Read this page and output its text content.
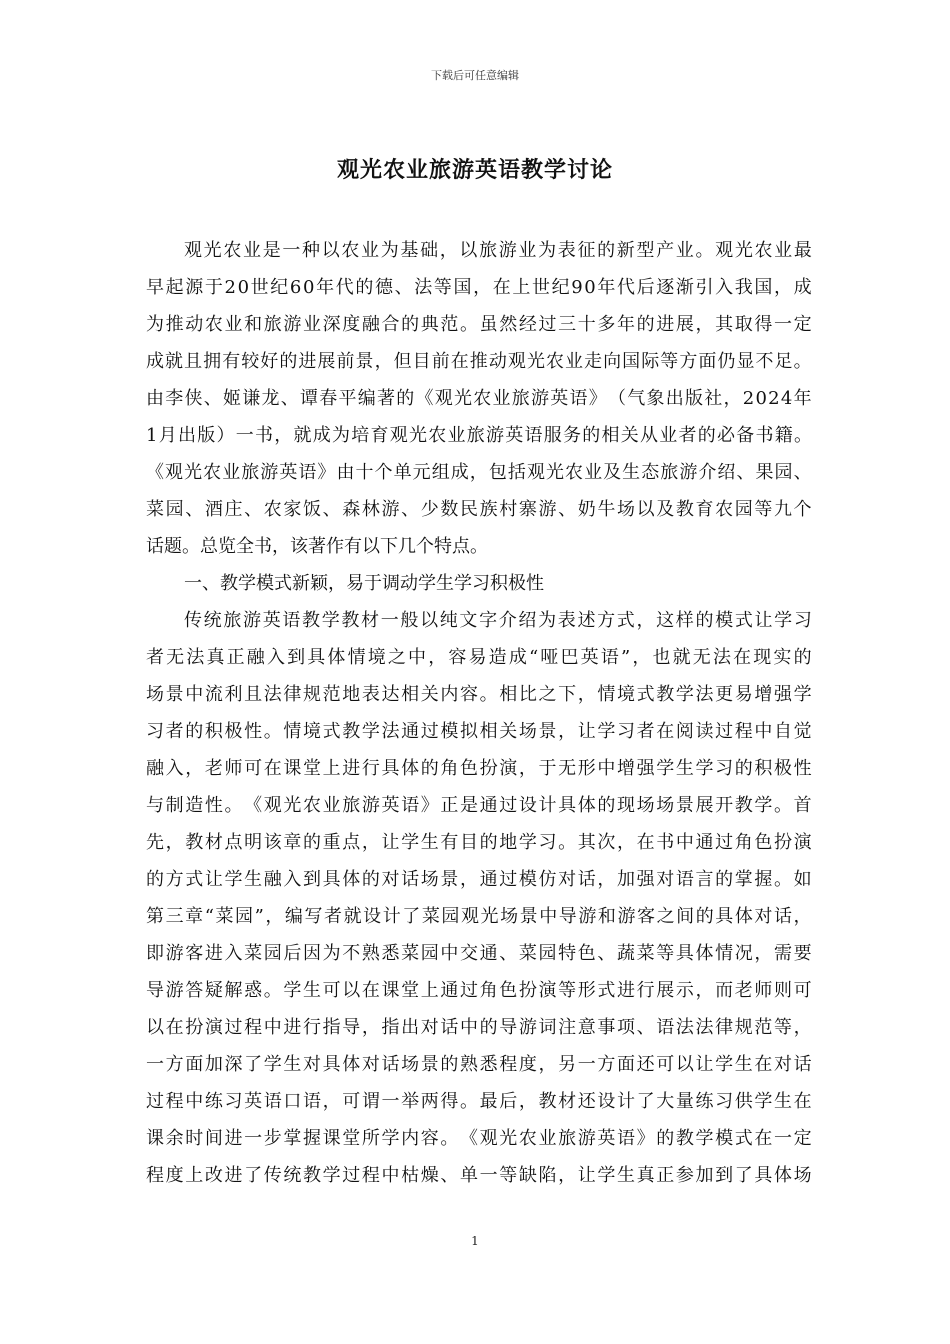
下载后可任意编辑
观光农业旅游英语教学讨论
观 光 农 业 是 一 种 以 农 业 为 基 础 ， 以 旅 游 业 为 表 征 的 新 型 产 业 。 观 光 农 业 最
早 起 源 于 2 0 世 纪 6 0 年 代 的 德 、 法 等 国 ， 在 上 世 纪 9 0 年 代 后 逐 渐 引 入 我 国 ， 成
为 推 动 农 业 和 旅 游 业 深 度 融 合 的 典 范 。 虽 然 经 过 三 十 多 年 的 进 展 ， 其 取 得 一 定
成 就 且 拥 有 较 好 的 进 展 前 景 ， 但 目 前 在 推 动 观 光 农 业 走 向 国 际 等 方 面 仍 显 不 足 。
由 李 侠 、 姬 谦 龙 、 谭 春 平 编 著 的 《 观 光 农 业 旅 游 英 语 》 （ 气 象 出 版 社 ， 2 0 2 4 年
1 月 出 版 ） 一 书 ， 就 成 为 培 育 观 光 农 业 旅 游 英 语 服 务 的 相 关 从 业 者 的 必 备 书 籍 。
《 观 光 农 业 旅 游 英 语 》 由 十 个 单 元 组 成 ， 包 括 观 光 农 业 及 生 态 旅 游 介 绍 、 果 园 、
菜 园 、 酒 庄 、 农 家 饭 、 森 林 游 、 少 数 民 族 村 寨 游 、 奶 牛 场 以 及 教 育 农 园 等 九 个
话题。总览全书，该著作有以下几个特点。
一、教学模式新颖，易于调动学生学习积极性
传 统 旅 游 英 语 教 学 教 材 一 般 以 纯 文 字 介 绍 为 表 述 方 式 ， 这 样 的 模 式 让 学 习
者 无 法 真 正 融 入 到 具 体 情 境 之 中 ， 容 易 造 成 “ 哑 巴 英 语 ” ， 也 就 无 法 在 现 实 的
场 景 中 流 利 且 法 律 规 范 地 表 达 相 关 内 容 。 相 比 之 下 ， 情 境 式 教 学 法 更 易 增 强 学
习 者 的 积 极 性 。 情 境 式 教 学 法 通 过 模 拟 相 关 场 景 ， 让 学 习 者 在 阅 读 过 程 中 自 觉
融 入 ， 老 师 可 在 课 堂 上 进 行 具 体 的 角 色 扮 演 ， 于 无 形 中 增 强 学 生 学 习 的 积 极 性
与 制 造 性 。 《 观 光 农 业 旅 游 英 语 》 正 是 通 过 设 计 具 体 的 现 场 场 景 展 开 教 学 。 首
先 ， 教 材 点 明 该 章 的 重 点 ， 让 学 生 有 目 的 地 学 习 。 其 次 ， 在 书 中 通 过 角 色 扮 演
的 方 式 让 学 生 融 入 到 具 体 的 对 话 场 景 ， 通 过 模 仿 对 话 ， 加 强 对 语 言 的 掌 握 。 如
第 三 章 “ 菜 园 ” ， 编 写 者 就 设 计 了 菜 园 观 光 场 景 中 导 游 和 游 客 之 间 的 具 体 对 话 ，
即 游 客 进 入 菜 园 后 因 为 不 熟 悉 菜 园 中 交 通 、 菜 园 特 色 、 蔬 菜 等 具 体 情 况 ， 需 要
导 游 答 疑 解 惑 。 学 生 可 以 在 课 堂 上 通 过 角 色 扮 演 等 形 式 进 行 展 示 ， 而 老 师 则 可
以 在 扮 演 过 程 中 进 行 指 导 ， 指 出 对 话 中 的 导 游 词 注 意 事 项 、 语 法 法 律 规 范 等 ，
一 方 面 加 深 了 学 生 对 具 体 对 话 场 景 的 熟 悉 程 度 ， 另 一 方 面 还 可 以 让 学 生 在 对 话
过 程 中 练 习 英 语 口 语 ， 可 谓 一 举 两 得 。 最 后 ， 教 材 还 设 计 了 大 量 练 习 供 学 生 在
课 余 时 间 进 一 步 掌 握 课 堂 所 学 内 容 。 《 观 光 农 业 旅 游 英 语 》 的 教 学 模 式 在 一 定
程 度 上 改 进 了 传 统 教 学 过 程 中 枯 燥 、 单 一 等 缺 陷 ， 让 学 生 真 正 参 加 到 了 具 体 场
1
